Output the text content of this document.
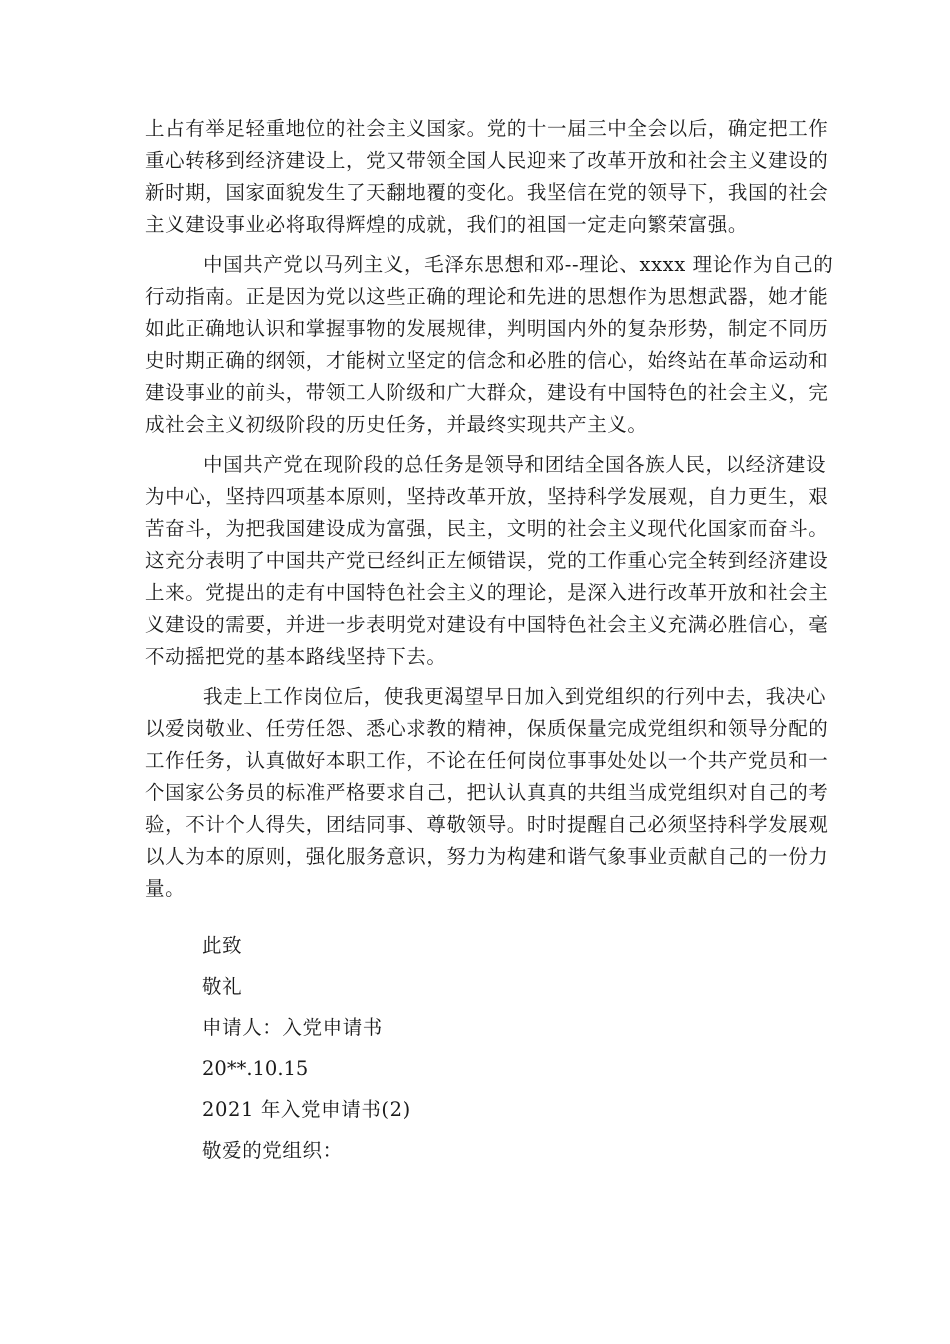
上占有举足轻重地位的社会主义国家。党的十一届三中全会以后，确定把工作
重心转移到经济建设上，党又带领全国人民迎来了改革开放和社会主义建设的
新时期，国家面貌发生了天翻地覆的变化。我坚信在党的领导下，我国的社会
主义建设事业必将取得辉煌的成就，我们的祖国一定走向繁荣富强。

中国共产党以马列主义，毛泽东思想和邓--理论、xxxx 理论作为自己的
行动指南。正是因为党以这些正确的理论和先进的思想作为思想武器，她才能
如此正确地认识和掌握事物的发展规律，判明国内外的复杂形势，制定不同历
史时期正确的纲领，才能树立坚定的信念和必胜的信心，始终站在革命运动和
建设事业的前头，带领工人阶级和广大群众，建设有中国特色的社会主义，完
成社会主义初级阶段的历史任务，并最终实现共产主义。

中国共产党在现阶段的总任务是领导和团结全国各族人民，以经济建设
为中心，坚持四项基本原则，坚持改革开放，坚持科学发展观，自力更生，艰
苦奋斗，为把我国建设成为富强，民主，文明的社会主义现代化国家而奋斗。
这充分表明了中国共产党已经纠正左倾错误，党的工作重心完全转到经济建设
上来。党提出的走有中国特色社会主义的理论，是深入进行改革开放和社会主
义建设的需要，并进一步表明党对建设有中国特色社会主义充满必胜信心，毫
不动摇把党的基本路线坚持下去。

我走上工作岗位后，使我更渴望早日加入到党组织的行列中去，我决心
以爱岗敬业、任劳任怨、悉心求教的精神，保质保量完成党组织和领导分配的
工作任务，认真做好本职工作，不论在任何岗位事事处处以一个共产党员和一
个国家公务员的标准严格要求自己，把认认真真的共组当成党组织对自己的考
验，不计个人得失，团结同事、尊敬领导。时时提醒自己必须坚持科学发展观
以人为本的原则，强化服务意识，努力为构建和谐气象事业贡献自己的一份力
量。

此致
敬礼
申请人：入党申请书
20**.10.15
2021 年入党申请书(2)
敬爱的党组织：
